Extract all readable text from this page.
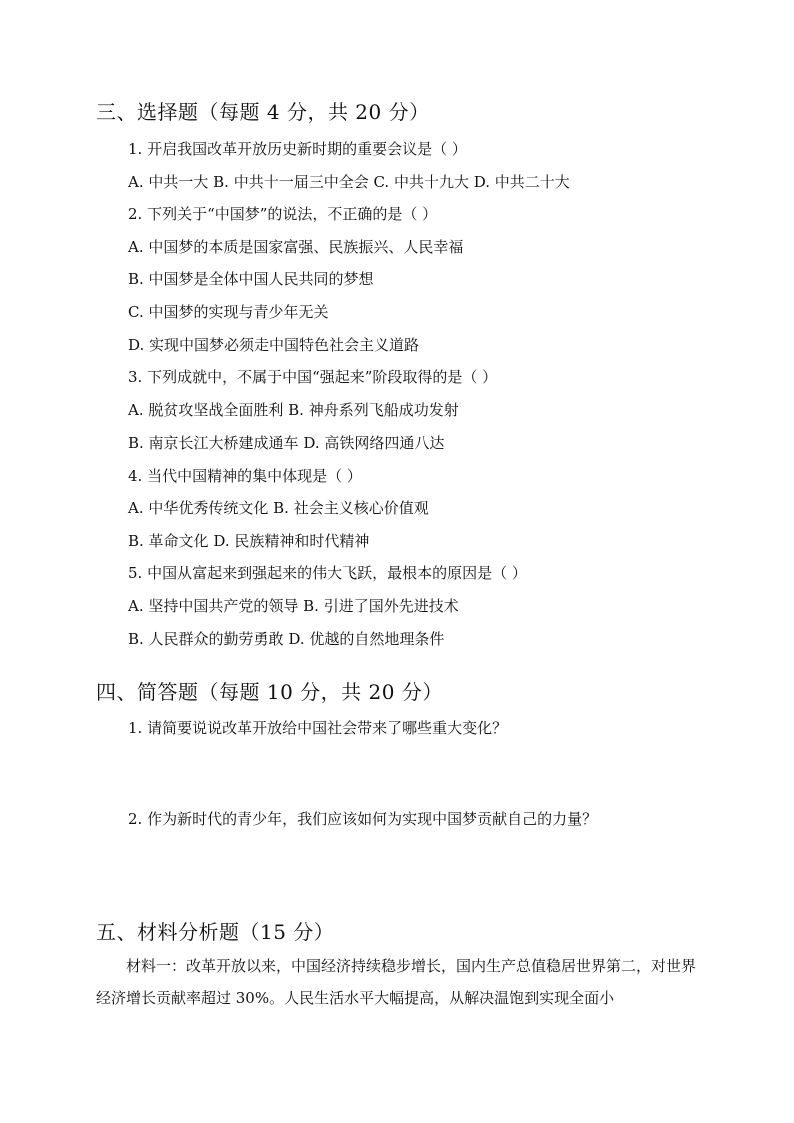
三、选择题（每题 4 分，共 20 分）

1. 开启我国改革开放历史新时期的重要会议是（ ）

A. 中共一大 B. 中共十一届三中全会 C. 中共十九大 D. 中共二十大

2. 下列关于“中国梦”的说法，不正确的是（ ）

A. 中国梦的本质是国家富强、民族振兴、人民幸福

B. 中国梦是全体中国人民共同的梦想

C. 中国梦的实现与青少年无关

D. 实现中国梦必须走中国特色社会主义道路

3. 下列成就中，不属于中国“强起来”阶段取得的是（ ）

A. 脱贫攻坚战全面胜利 B. 神舟系列飞船成功发射

B. 南京长江大桥建成通车 D. 高铁网络四通八达

4. 当代中国精神的集中体现是（ ）

A. 中华优秀传统文化 B. 社会主义核心价值观

B. 革命文化 D. 民族精神和时代精神

5. 中国从富起来到强起来的伟大飞跃，最根本的原因是（ ）

A. 坚持中国共产党的领导 B. 引进了国外先进技术

B. 人民群众的勤劳勇敢 D. 优越的自然地理条件

四、简答题（每题 10 分，共 20 分）

1. 请简要说说改革开放给中国社会带来了哪些重大变化？

2. 作为新时代的青少年，我们应该如何为实现中国梦贡献自己的力量？

五、材料分析题（15 分）

材料一：改革开放以来，中国经济持续稳步增长，国内生产总值稳居世界第二，对世界经济增长贡献率超过 30%。人民生活水平大幅提高，从解决温饱到实现全面小
